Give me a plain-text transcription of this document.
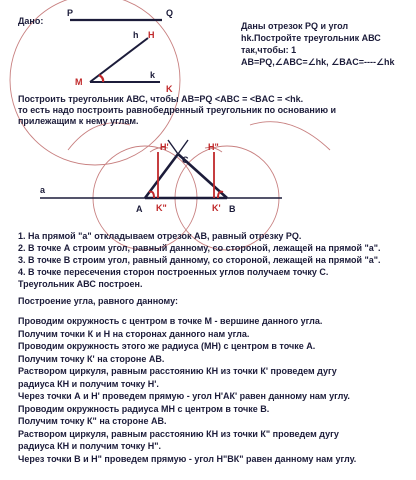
P	Q
h H
M
k
K
a
A	B
C
H'	H"
K"	K'
Дано:	Даны отрезок PQ и угол
hk.Постройте треугольник АВС
так,чтобы: 1
AB=PQ,∠ABC=∠hk, ∠BAC=----∠hk
Построить треугольник АВС, чтобы АВ=PQ <ABC = <BAC = <hk.
то есть надо построить равнобедренный треугольник по основанию и
прилежащим к нему углам.
1. На прямой "а" откладываем отрезок АВ, равный отрезку PQ.
2. В точке А строим угол, равный данному, со стороной, лежащей на прямой "а".
3. В точке В строим угол, равный данному, со стороной, лежащей на прямой "а".
4. В точке пересечения сторон построенных углов получаем точку С.
Треугольник АВС построен.
Построение угла, равного данному:
Проводим окружность с центром в точке М - вершине данного угла.
Получим точки К и Н на сторонах данного нам угла.
Проводим окружность этого же радиуса (МН) с центром в точке А.
Получим точку К' на стороне АВ.
Раствором циркуля, равным расстоянию КН из точки К' проведем дугу
радиуса КН и получим точку Н'.
Через точки А и Н' проведем прямую - угол Н'АК' равен данному нам углу.
Проводим окружность радиуса МН с центром в точке В.
Получим точку К" на стороне АВ.
Раствором циркуля, равным расстоянию КН из точки К" проведем дугу
радиуса КН и получим точку Н".
Через точки В и Н" проведем прямую - угол Н"ВК" равен данному нам углу.
